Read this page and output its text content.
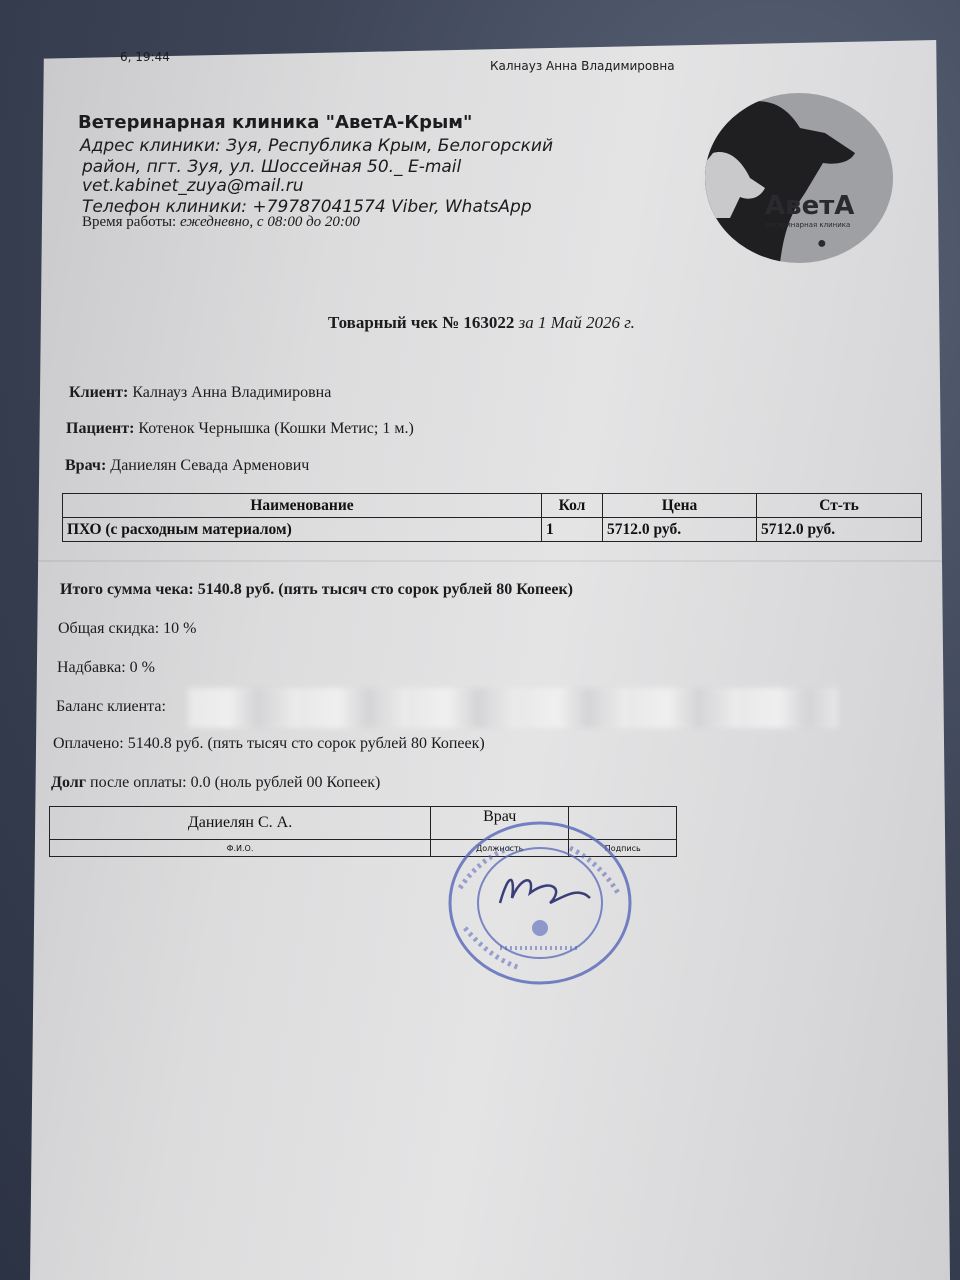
6, 19:44
Калнауз Анна Владимировна
Ветеринарная клиника "АветА-Крым"
Адрес клиники: Зуя, Республика Крым, Белогорский
район, пгт. Зуя, ул. Шоссейная 50._ E-mail
vet.kabinet_zuya@mail.ru
Телефон клиники: +79787041574 Viber, WhatsApp
Время работы: ежедневно, с 08:00 до 20:00
АветА
ветеринарная клиника
●
Товарный чек № 163022 за 1 Май 2026 г.
Клиент: Калнауз Анна Владимировна
Пациент: Котенок Чернышка (Кошки Метис; 1 м.)
Врач: Даниелян Севада Арменович
Наименование	Кол	Цена	Ст-ть
ПХО (с расходным материалом)	1	5712.0 руб.	5712.0 руб.
Итого сумма чека: 5140.8 руб. (пять тысяч сто сорок рублей 80 Копеек)
Общая скидка: 10 %
Надбавка: 0 %
Баланс клиента:
Оплачено: 5140.8 руб. (пять тысяч сто сорок рублей 80 Копеек)
Долг после оплаты: 0.0 (ноль рублей 00 Копеек)
Даниелян С. А.	Врач	
Ф.И.О.	Должность	Подпись
